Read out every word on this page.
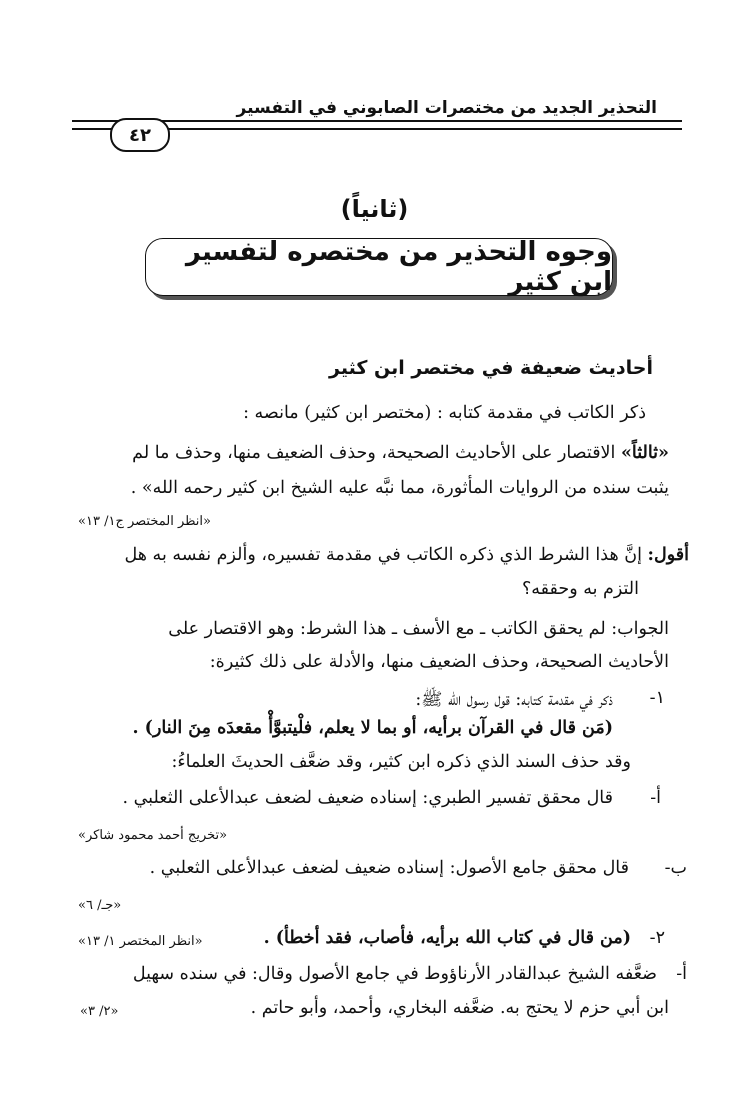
التحذير الجديد من مختصرات الصابوني في التفسير
٤٢
(ثانياً)
وجوه التحذير من مختصره لتفسير ابن كثير
أحاديث ضعيفة في مختصر ابن كثير
ذكر الكاتب في مقدمة كتابه : (مختصر ابن كثير) مانصه :
«ثالثاً» الاقتصار على الأحاديث الصحيحة، وحذف الضعيف منها، وحذف ما لم
يثبت سنده من الروايات المأثورة، مما نبَّه عليه الشيخ ابن كثير رحمه الله» .
«انظر المختصر ج١/ ١٣»
أقول: إنَّ هذا الشرط الذي ذكره الكاتب في مقدمة تفسيره، وألزم نفسه به هل
التزم به وحققه؟
الجواب: لم يحقق الكاتب ـ مع الأسف ـ هذا الشرط: وهو الاقتصار على
الأحاديث الصحيحة، وحذف الضعيف منها، والأدلة على ذلك كثيرة:
١-
ذكر في مقدمة كتابه: قول رسول الله ﷺ:
(مَن قال في القرآن برأيه، أو بما لا يعلم، فلْيتبوَّأْ مقعدَه مِنَ النار) .
وقد حذف السند الذي ذكره ابن كثير، وقد ضعَّف الحديثَ العلماءُ:
أ-
قال محقق تفسير الطبري: إسناده ضعيف لضعف عبدالأعلى الثعلبي .
«تخريج أحمد محمود شاكر»
ب-
قال محقق جامع الأصول: إسناده ضعيف لضعف عبدالأعلى الثعلبي .
«جـ/ ٦»
٢-
(من قال في كتاب الله برأيه، فأصاب، فقد أخطأ) .
«انظر المختصر ١/ ١٣»
أ-
ضعَّفه الشيخ عبدالقادر الأرناؤوط في جامع الأصول وقال: في سنده سهيل
ابن أبي حزم لا يحتج به. ضعَّفه البخاري، وأحمد، وأبو حاتم .
«٢/ ٣»
